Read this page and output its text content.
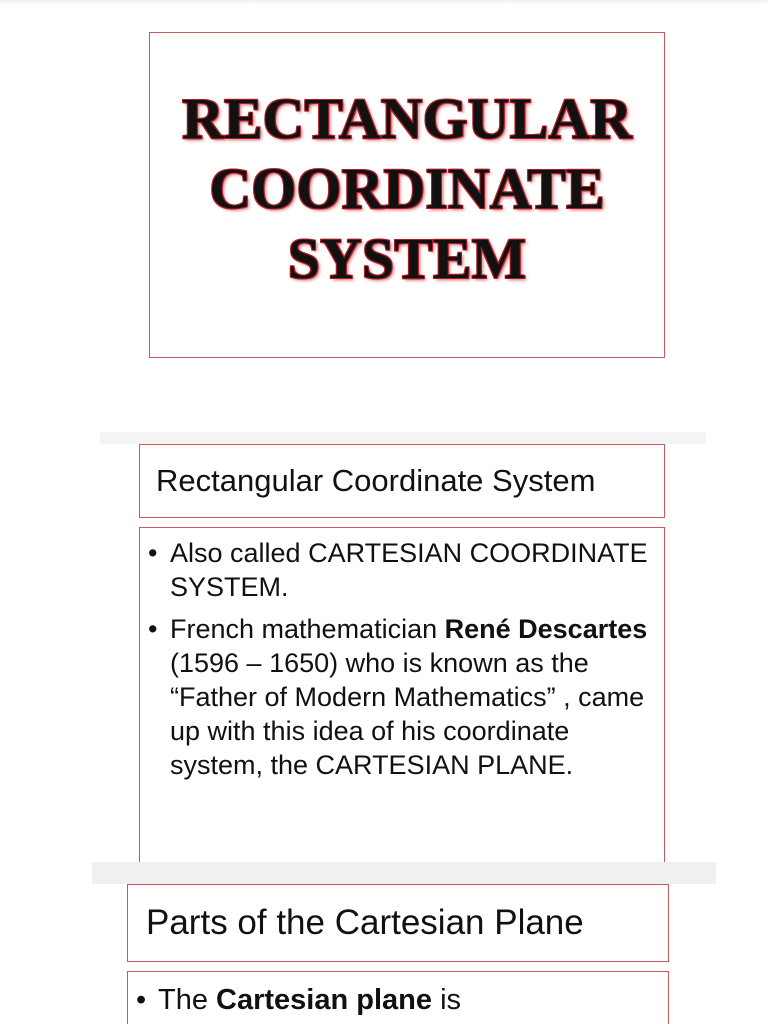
RECTANGULAR
COORDINATE
SYSTEM
Rectangular Coordinate System
• Also called CARTESIAN COORDINATE SYSTEM.
• French mathematician René Descartes (1596 – 1650) who is known as the “Father of Modern Mathematics” , came up with this idea of his coordinate system, the CARTESIAN PLANE.
Parts of the Cartesian Plane
• The Cartesian plane is
